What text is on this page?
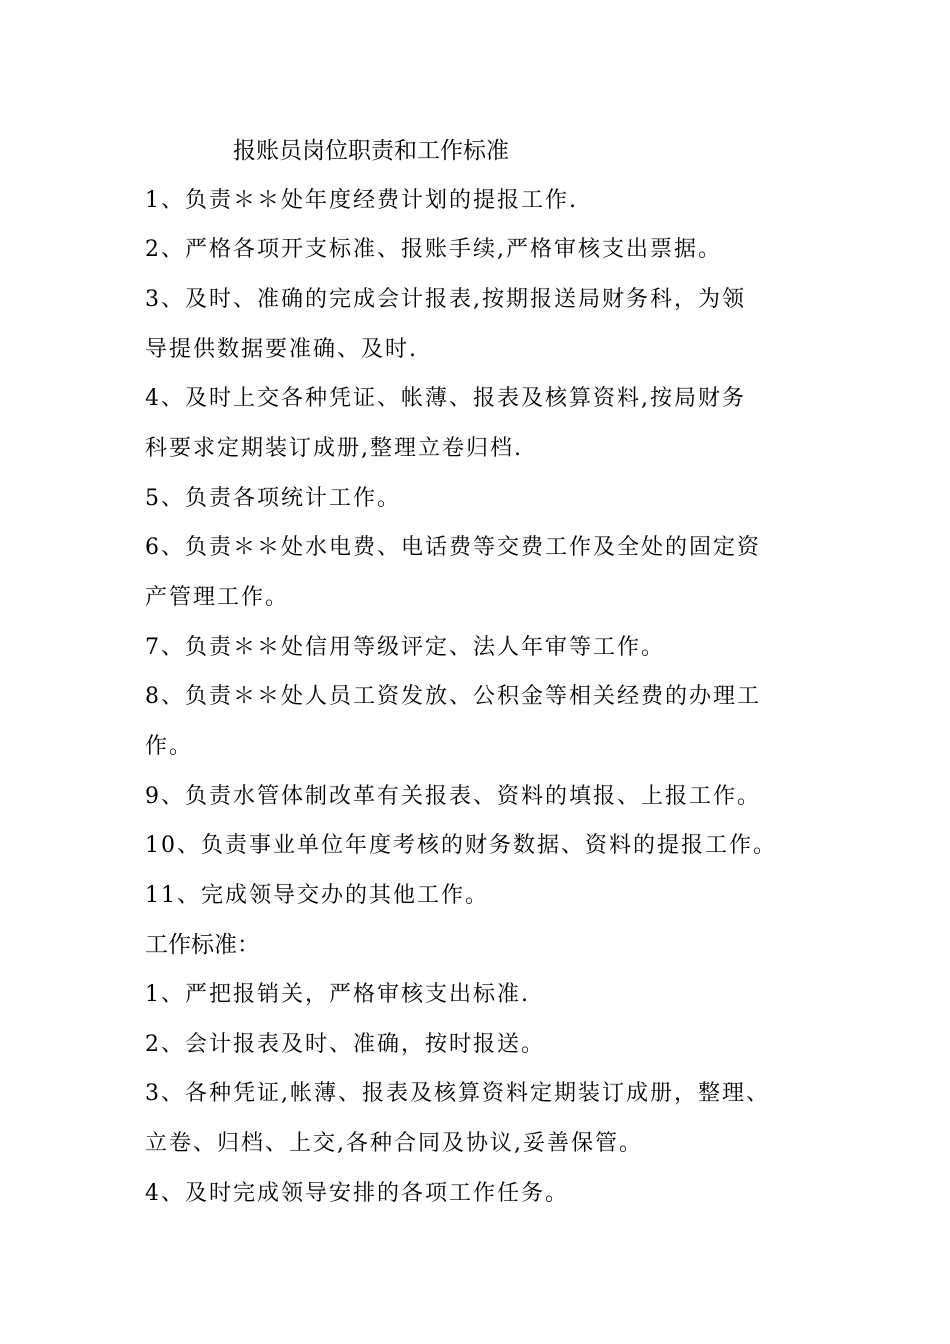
报账员岗位职责和工作标准
1、负责＊＊处年度经费计划的提报工作.
2、严格各项开支标准、报账手续,严格审核支出票据。
3、及时、准确的完成会计报表,按期报送局财务科，为领
导提供数据要准确、及时.
4、及时上交各种凭证、帐薄、报表及核算资料,按局财务
科要求定期装订成册,整理立卷归档.
5、负责各项统计工作。
6、负责＊＊处水电费、电话费等交费工作及全处的固定资
产管理工作。
7、负责＊＊处信用等级评定、法人年审等工作。
8、负责＊＊处人员工资发放、公积金等相关经费的办理工
作。
9、负责水管体制改革有关报表、资料的填报、上报工作。
10、负责事业单位年度考核的财务数据、资料的提报工作。
11、完成领导交办的其他工作。
工作标准：
1、严把报销关，严格审核支出标准.
2、会计报表及时、准确，按时报送。
3、各种凭证,帐薄、报表及核算资料定期装订成册，整理、
立卷、归档、上交,各种合同及协议,妥善保管。
4、及时完成领导安排的各项工作任务。
